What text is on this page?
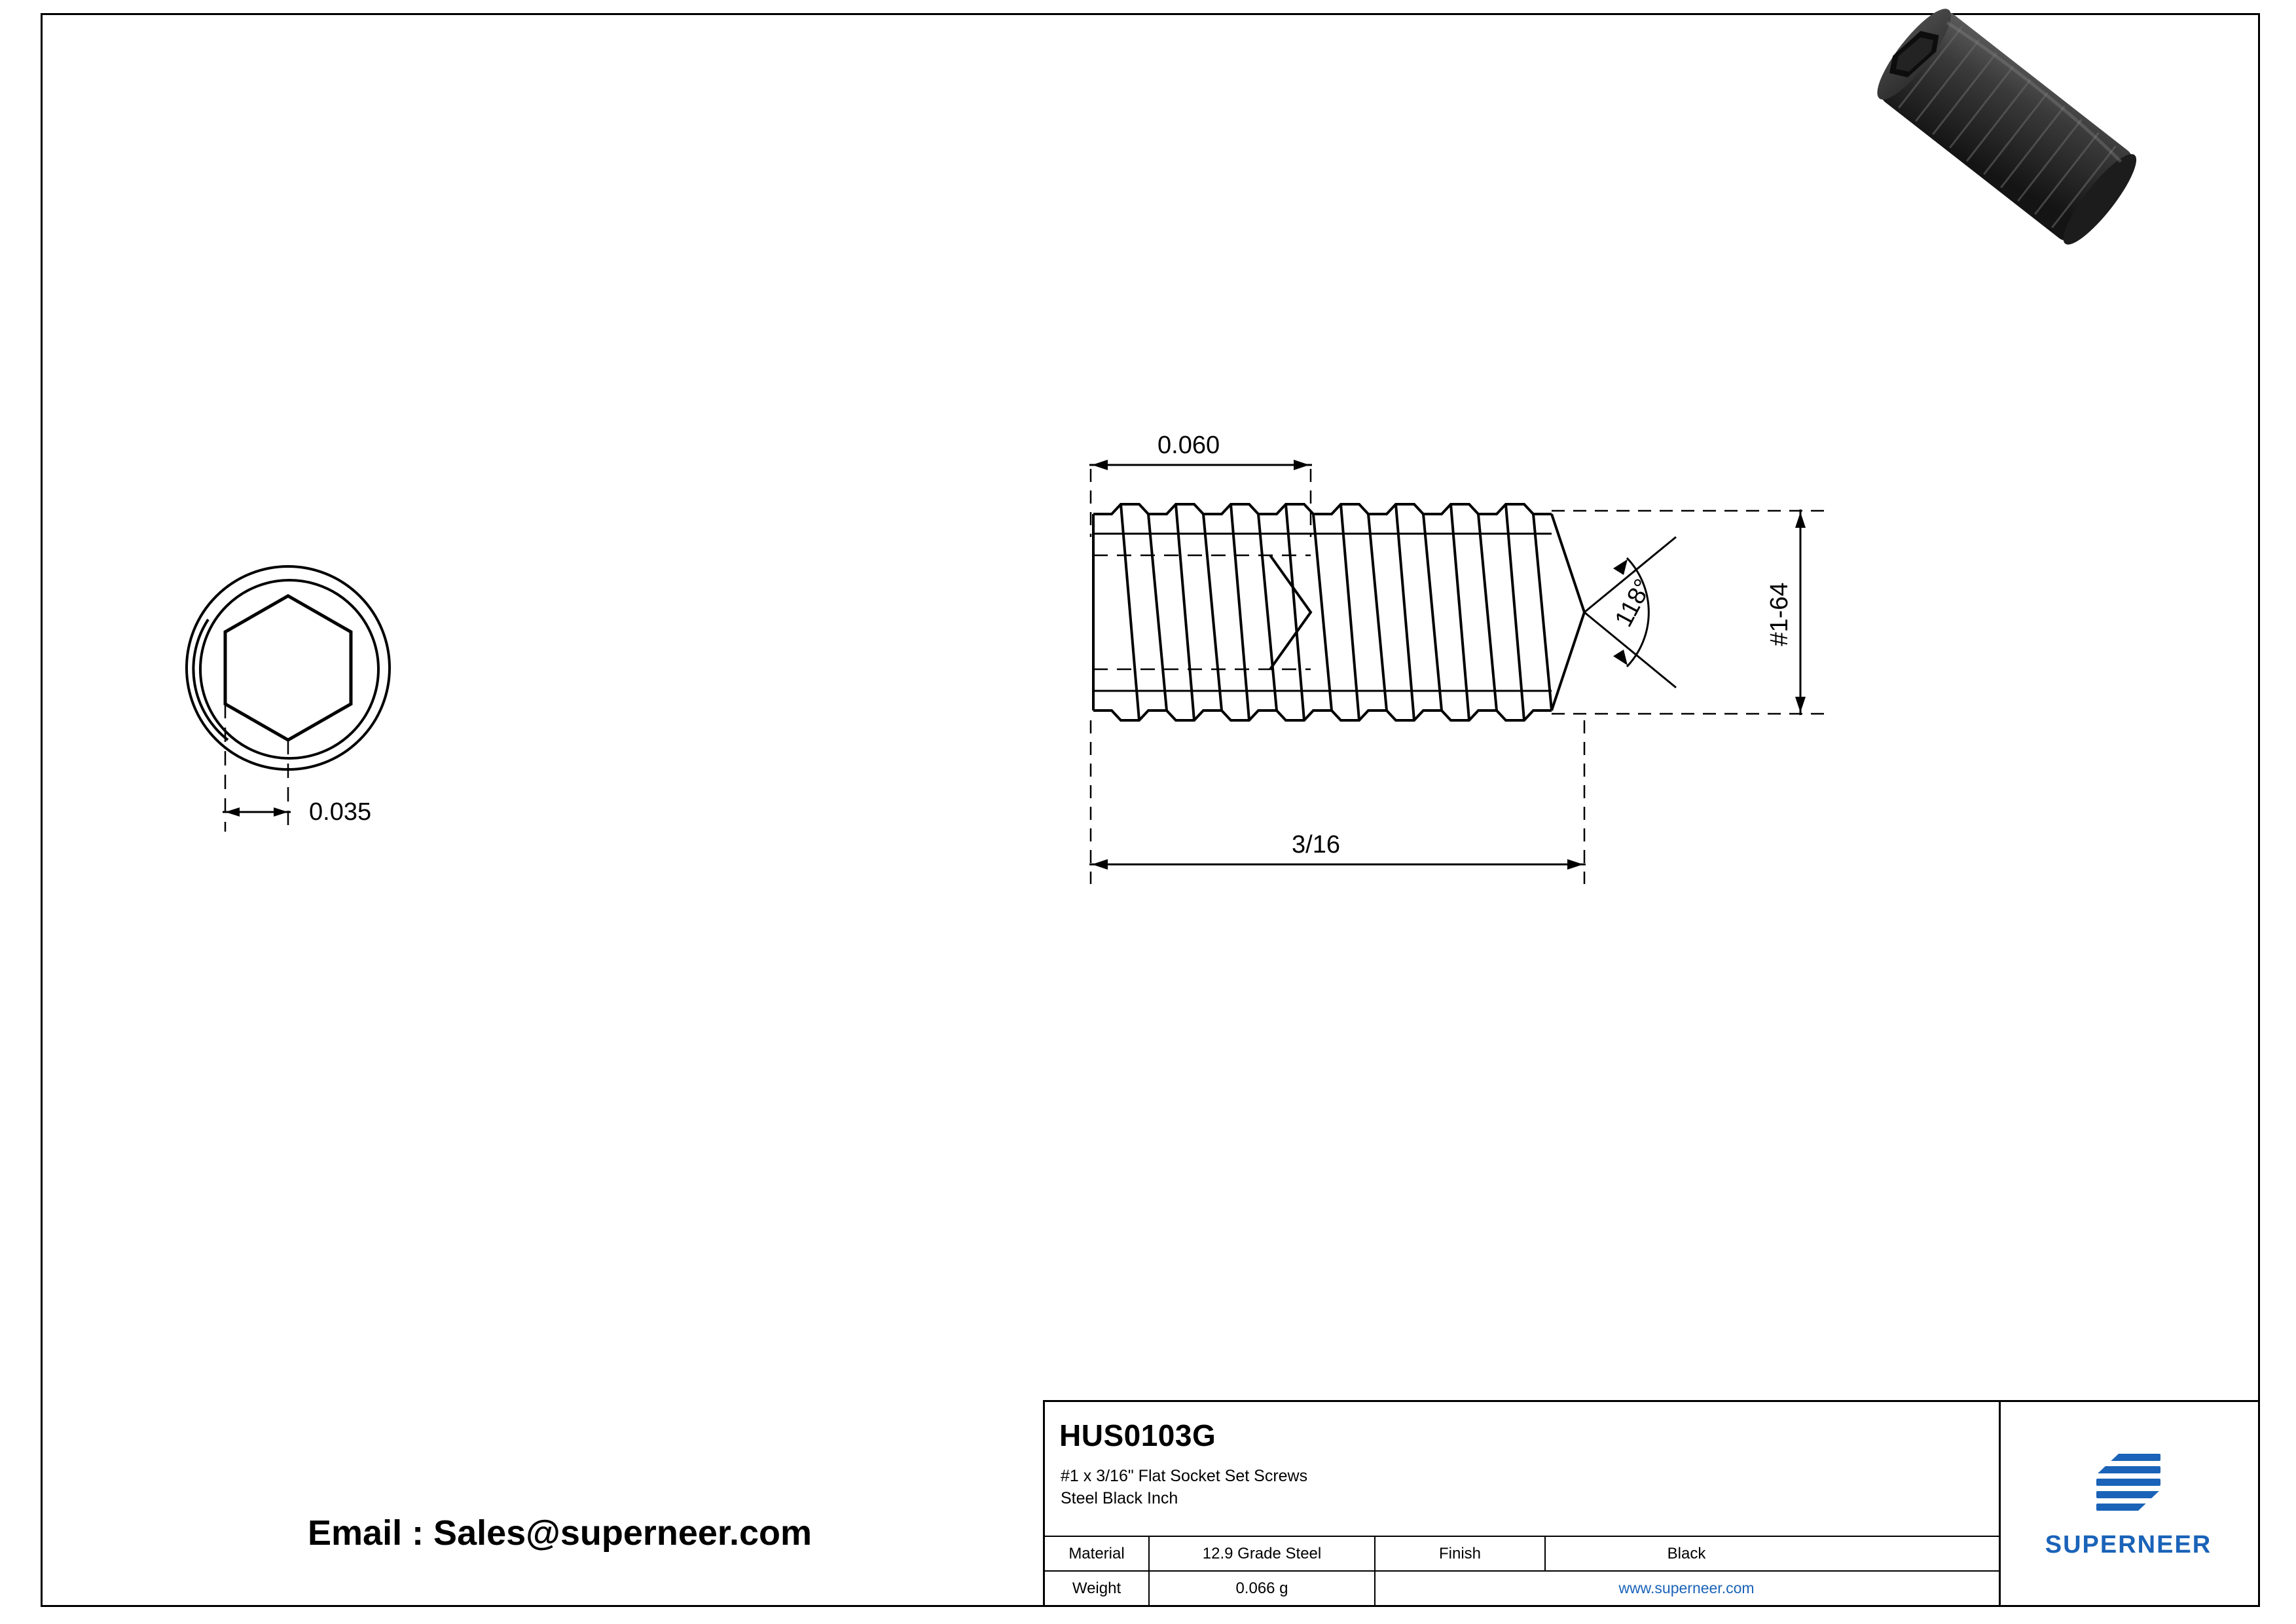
0.035
0.060
118°	#1-64
3/16
Email : Sales@superneer.com
HUS0103G
#1 x 3/16" Flat Socket Set Screws
Steel Black Inch
Material	12.9 Grade Steel	Finish	Black
Weight	0.066 g	www.superneer.com
SUPERNEER
